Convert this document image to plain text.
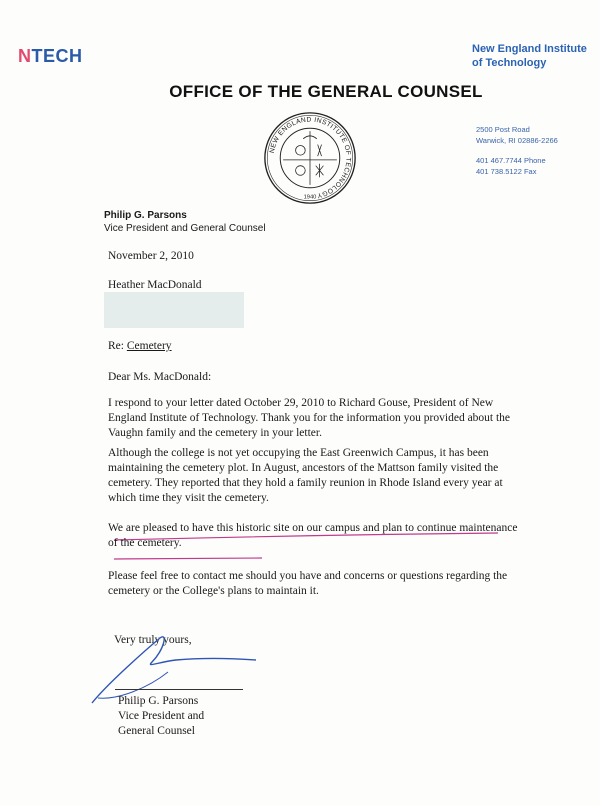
NTECH	New England Institute
of Technology
OFFICE OF THE GENERAL COUNSEL
NEW ENGLAND INSTITUTE OF TECHNOLOGY
1940
2500 Post Road
Warwick, RI 02886-2266
401 467.7744 Phone
401 738.5122 Fax
Philip G. Parsons
Vice President and General Counsel
November 2, 2010
Heather MacDonald
Re: Cemetery
Dear Ms. MacDonald:
I respond to your letter dated October 29, 2010 to Richard Gouse, President of New England Institute of Technology. Thank you for the information you provided about the Vaughn family and the cemetery in your letter.
Although the college is not yet occupying the East Greenwich Campus, it has been maintaining the cemetery plot. In August, ancestors of the Mattson family visited the cemetery. They reported that they hold a family reunion in Rhode Island every year at which time they visit the cemetery.
We are pleased to have this historic site on our campus and plan to continue maintenance of the cemetery.
Please feel free to contact me should you have and concerns or questions regarding the cemetery or the College's plans to maintain it.
Very truly yours,
Philip G. Parsons
Vice President and
General Counsel
